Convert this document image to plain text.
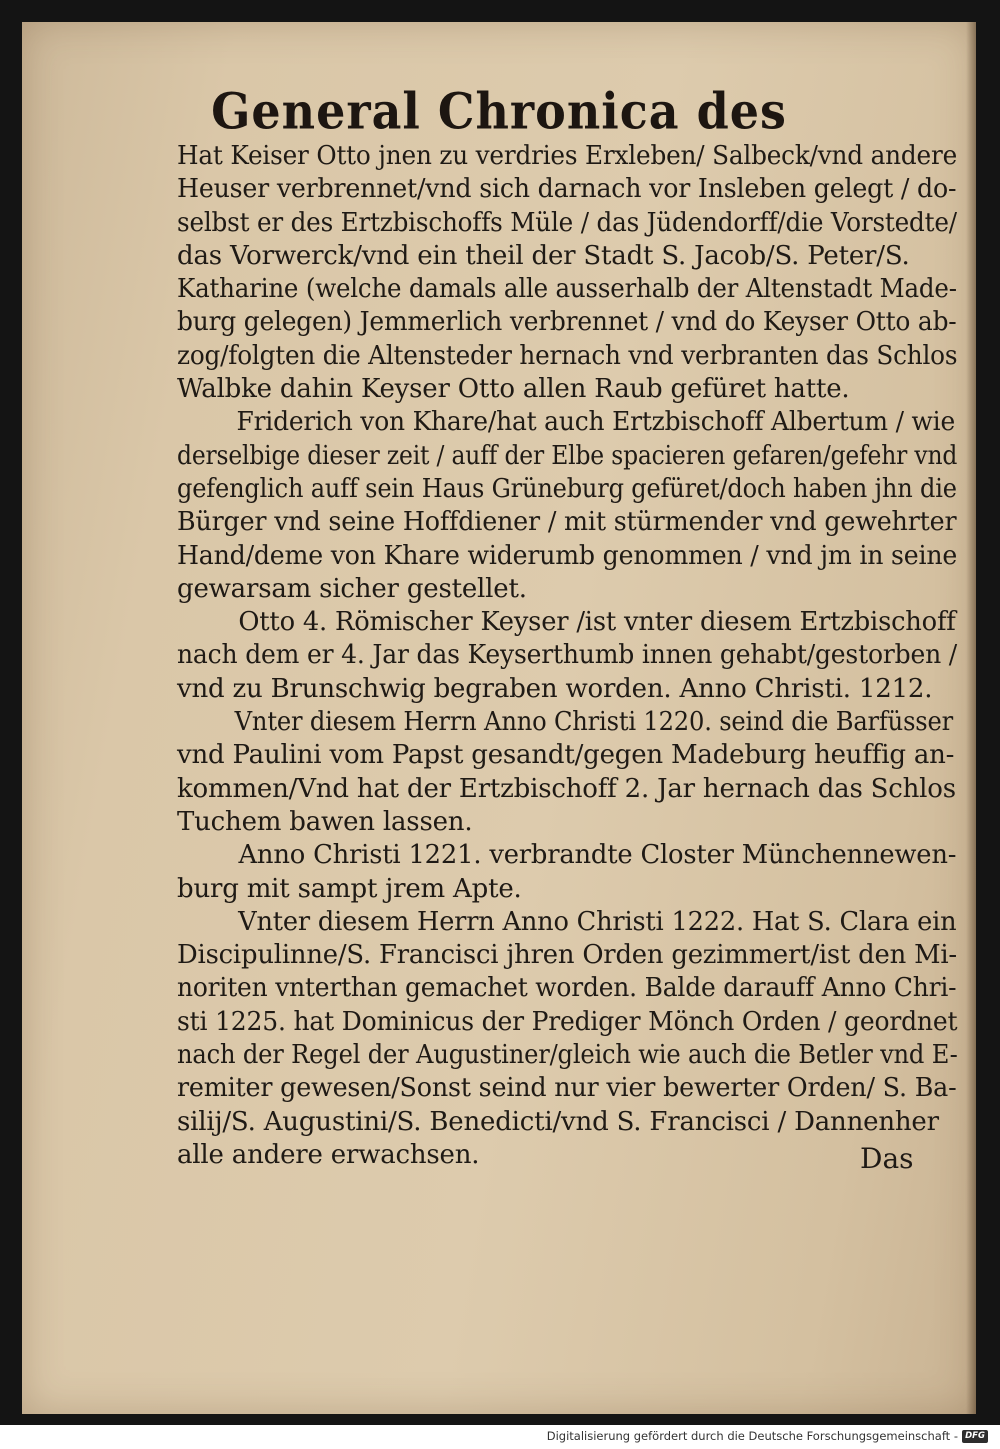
General Chronica des
Hat Keiser Otto jnen zu verdries Erxleben/ Salbeck/vnd andere
Heuser verbrennet/vnd sich darnach vor Insleben gelegt / do-
selbst er des Ertzbischoffs Müle / das Jüdendorff/die Vorstedte/
das Vorwerck/vnd ein theil der Stadt S. Jacob/S. Peter/S.
Katharine (welche damals alle ausserhalb der Altenstadt Made-
burg gelegen) Jemmerlich verbrennet / vnd do Keyser Otto ab-
zog/folgten die Altensteder hernach vnd verbranten das Schlos
Walbke dahin Keyser Otto allen Raub gefüret hatte.
Friderich von Khare/hat auch Ertzbischoff Albertum / wie
derselbige dieser zeit / auff der Elbe spacieren gefaren/gefehr vnd
gefenglich auff sein Haus Grüneburg gefüret/doch haben jhn die
Bürger vnd seine Hoffdiener / mit stürmender vnd gewehrter
Hand/deme von Khare widerumb genommen / vnd jm in seine
gewarsam sicher gestellet.
Otto 4. Römischer Keyser /ist vnter diesem Ertzbischoff
nach dem er 4. Jar das Keyserthumb innen gehabt/gestorben /
vnd zu Brunschwig begraben worden. Anno Christi. 1212.
Vnter diesem Herrn Anno Christi 1220. seind die Barfüsser
vnd Paulini vom Papst gesandt/gegen Madeburg heuffig an-
kommen/Vnd hat der Ertzbischoff 2. Jar hernach das Schlos
Tuchem bawen lassen.
Anno Christi 1221. verbrandte Closter Münchennewen-
burg mit sampt jrem Apte.
Vnter diesem Herrn Anno Christi 1222. Hat S. Clara ein
Discipulinne/S. Francisci jhren Orden gezimmert/ist den Mi-
noriten vnterthan gemachet worden. Balde darauff Anno Chri-
sti 1225. hat Dominicus der Prediger Mönch Orden / geordnet
nach der Regel der Augustiner/gleich wie auch die Betler vnd E-
remiter gewesen/Sonst seind nur vier bewerter Orden/ S. Ba-
silij/S. Augustini/S. Benedicti/vnd S. Francisci / Dannenher
alle andere erwachsen.	Das
Digitalisierung gefördert durch die Deutsche Forschungsgemeinschaft - DFG
